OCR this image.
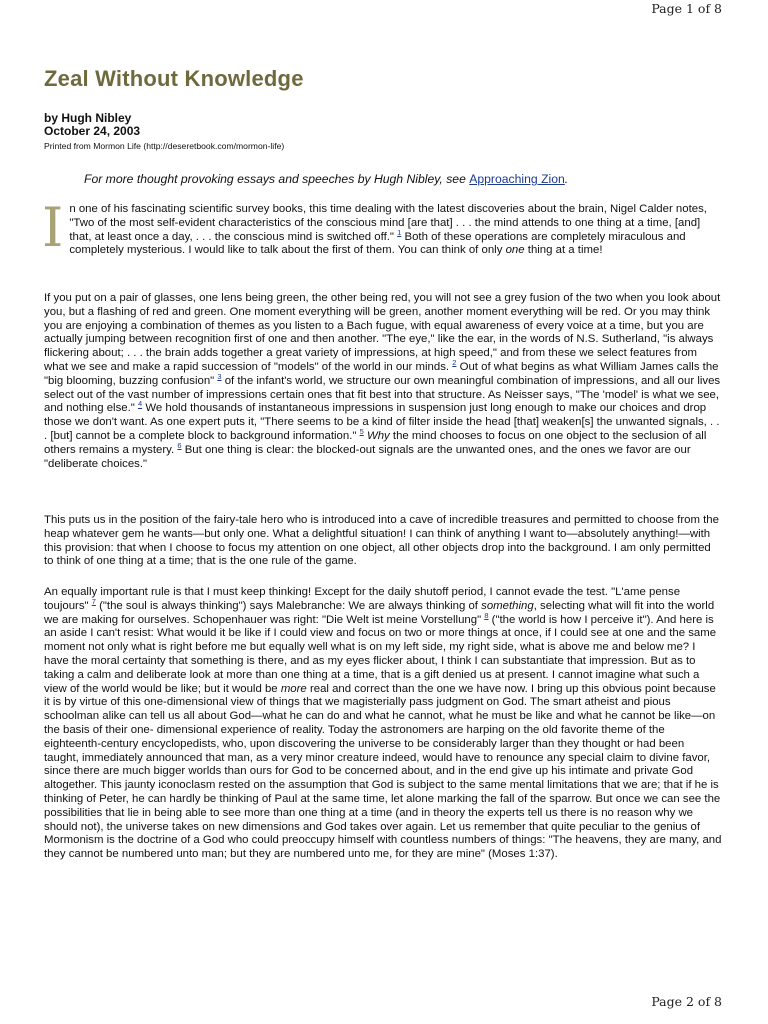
Page 1 of 8
Zeal Without Knowledge
by Hugh Nibley
October 24, 2003
Printed from Mormon Life (http://deseretbook.com/mormon-life)
For more thought provoking essays and speeches by Hugh Nibley, see Approaching Zion.

In one of his fascinating scientific survey books, this time dealing with the latest discoveries about the brain, Nigel Calder notes, "Two of the most self-evident characteristics of the conscious mind [are that] . . . the mind attends to one thing at a time, [and] that, at least once a day, . . . the conscious mind is switched off." $^1$ Both of these operations are completely miraculous and completely mysterious. I would like to talk about the first of them. You can think of only one thing at a time!

If you put on a pair of glasses, one lens being green, the other being red, you will not see a grey fusion of the two when you look about you, but a flashing of red and green. One moment everything will be green, another moment everything will be red. Or you may think you are enjoying a combination of themes as you listen to a Bach fugue, with equal awareness of every voice at a time, but you are actually jumping between recognition first of one and then another. "The eye," like the ear, in the words of N.S. Sutherland, "is always flickering about; . . . the brain adds together a great variety of impressions, at high speed," and from these we select features from what we see and make a rapid succession of "models" of the world in our minds. $^2$ Out of what begins as what William James calls the "big blooming, buzzing confusion" $^3$ of the infant's world, we structure our own meaningful combination of impressions, and all our lives select out of the vast number of impressions certain ones that fit best into that structure. As Neisser says, "The 'model' is what we see, and nothing else." $^4$ We hold thousands of instantaneous impressions in suspension just long enough to make our choices and drop those we don't want. As one expert puts it, "There seems to be a kind of filter inside the head [that] weaken[s] the unwanted signals, . . . [but] cannot be a complete block to background information." $^5$ Why the mind chooses to focus on one object to the seclusion of all others remains a mystery. $^6$ But one thing is clear: the blocked-out signals are the unwanted ones, and the ones we favor are our "deliberate choices."

This puts us in the position of the fairy-tale hero who is introduced into a cave of incredible treasures and permitted to choose from the heap whatever gem he wants—but only one. What a delightful situation! I can think of anything I want to—absolutely anything!—with this provision: that when I choose to focus my attention on one object, all other objects drop into the background. I am only permitted to think of one thing at a time; that is the one rule of the game.

An equally important rule is that I must keep thinking! Except for the daily shutoff period, I cannot evade the test. "L'ame pense toujours" $^7$ ("the soul is always thinking") says Malebranche: We are always thinking of something, selecting what will fit into the world we are making for ourselves. Schopenhauer was right: "Die Welt ist meine Vorstellung" $^8$ ("the world is how I perceive it"). And here is an aside I can't resist: What would it be like if I could view and focus on two or more things at once, if I could see at one and the same moment not only what is right before me but equally well what is on my left side, my right side, what is above me and below me? I have the moral certainty that something is there, and as my eyes flicker about, I think I can substantiate that impression. But as to taking a calm and deliberate look at more than one thing at a time, that is a gift denied us at present. I cannot imagine what such a view of the world would be like; but it would be more real and correct than the one we have now. I bring up this obvious point because it is by virtue of this one-dimensional view of things that we magisterially pass judgment on God. The smart atheist and pious schoolman alike can tell us all about God—what he can do and what he cannot, what he must be like and what he cannot be like—on the basis of their one- dimensional experience of reality. Today the astronomers are harping on the old favorite theme of the eighteenth-century encyclopedists, who, upon discovering the universe to be considerably larger than they thought or had been taught, immediately announced that man, as a very minor creature indeed, would have to renounce any special claim to divine favor, since there are much bigger worlds than ours for God to be concerned about, and in the end give up his intimate and private God altogether. This jaunty iconoclasm rested on the assumption that God is subject to the same mental limitations that we are; that if he is thinking of Peter, he can hardly be thinking of Paul at the same time, let alone marking the fall of the sparrow. But once we can see the possibilities that lie in being able to see more than one thing at a time (and in theory the experts tell us there is no reason why we should not), the universe takes on new dimensions and God takes over again. Let us remember that quite peculiar to the genius of Mormonism is the doctrine of a God who could preoccupy himself with countless numbers of things: "The heavens, they are many, and they cannot be numbered unto man; but they are numbered unto me, for they are mine" (Moses 1:37).

Page 2 of 8
